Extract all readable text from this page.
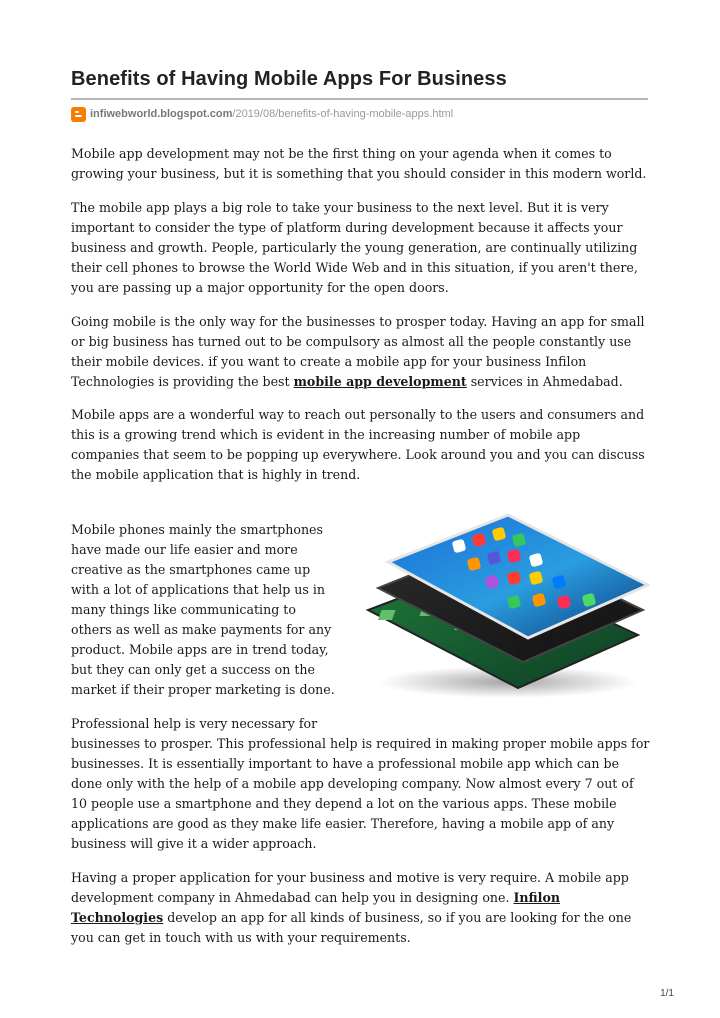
Benefits of Having Mobile Apps For Business
infiwebworld.blogspot.com /2019/08/benefits-of-having-mobile-apps.html

Mobile app development may not be the first thing on your agenda when it comes to growing your business, but it is something that you should consider in this modern world.

The mobile app plays a big role to take your business to the next level. But it is very important to consider the type of platform during development because it affects your business and growth. People, particularly the young generation, are continually utilizing their cell phones to browse the World Wide Web and in this situation, if you aren't there, you are passing up a major opportunity for the open doors.

Going mobile is the only way for the businesses to prosper today. Having an app for small or big business has turned out to be compulsory as almost all the people constantly use their mobile devices. if you want to create a mobile app for your business Infilon Technologies is providing the best mobile app development services in Ahmedabad.

Mobile apps are a wonderful way to reach out personally to the users and consumers and this is a growing trend which is evident in the increasing number of mobile app companies that seem to be popping up everywhere. Look around you and you can discuss the mobile application that is highly in trend.

Mobile phones mainly the smartphones have made our life easier and more creative as the smartphones came up with a lot of applications that help us in many things like communicating to others as well as make payments for any product. Mobile apps are in trend today, but they can only get a success on the market if their proper marketing is done.

Professional help is very necessary for
businesses to prosper. This professional help is required in making proper mobile apps for businesses. It is essentially important to have a professional mobile app which can be done only with the help of a mobile app developing company. Now almost every 7 out of 10 people use a smartphone and they depend a lot on the various apps. These mobile applications are good as they make life easier. Therefore, having a mobile app of any business will give it a wider approach.

Having a proper application for your business and motive is very require. A mobile app development company in Ahmedabad can help you in designing one. Infilon Technologies develop an app for all kinds of business, so if you are looking for the one you can get in touch with us with your requirements.

1/1
